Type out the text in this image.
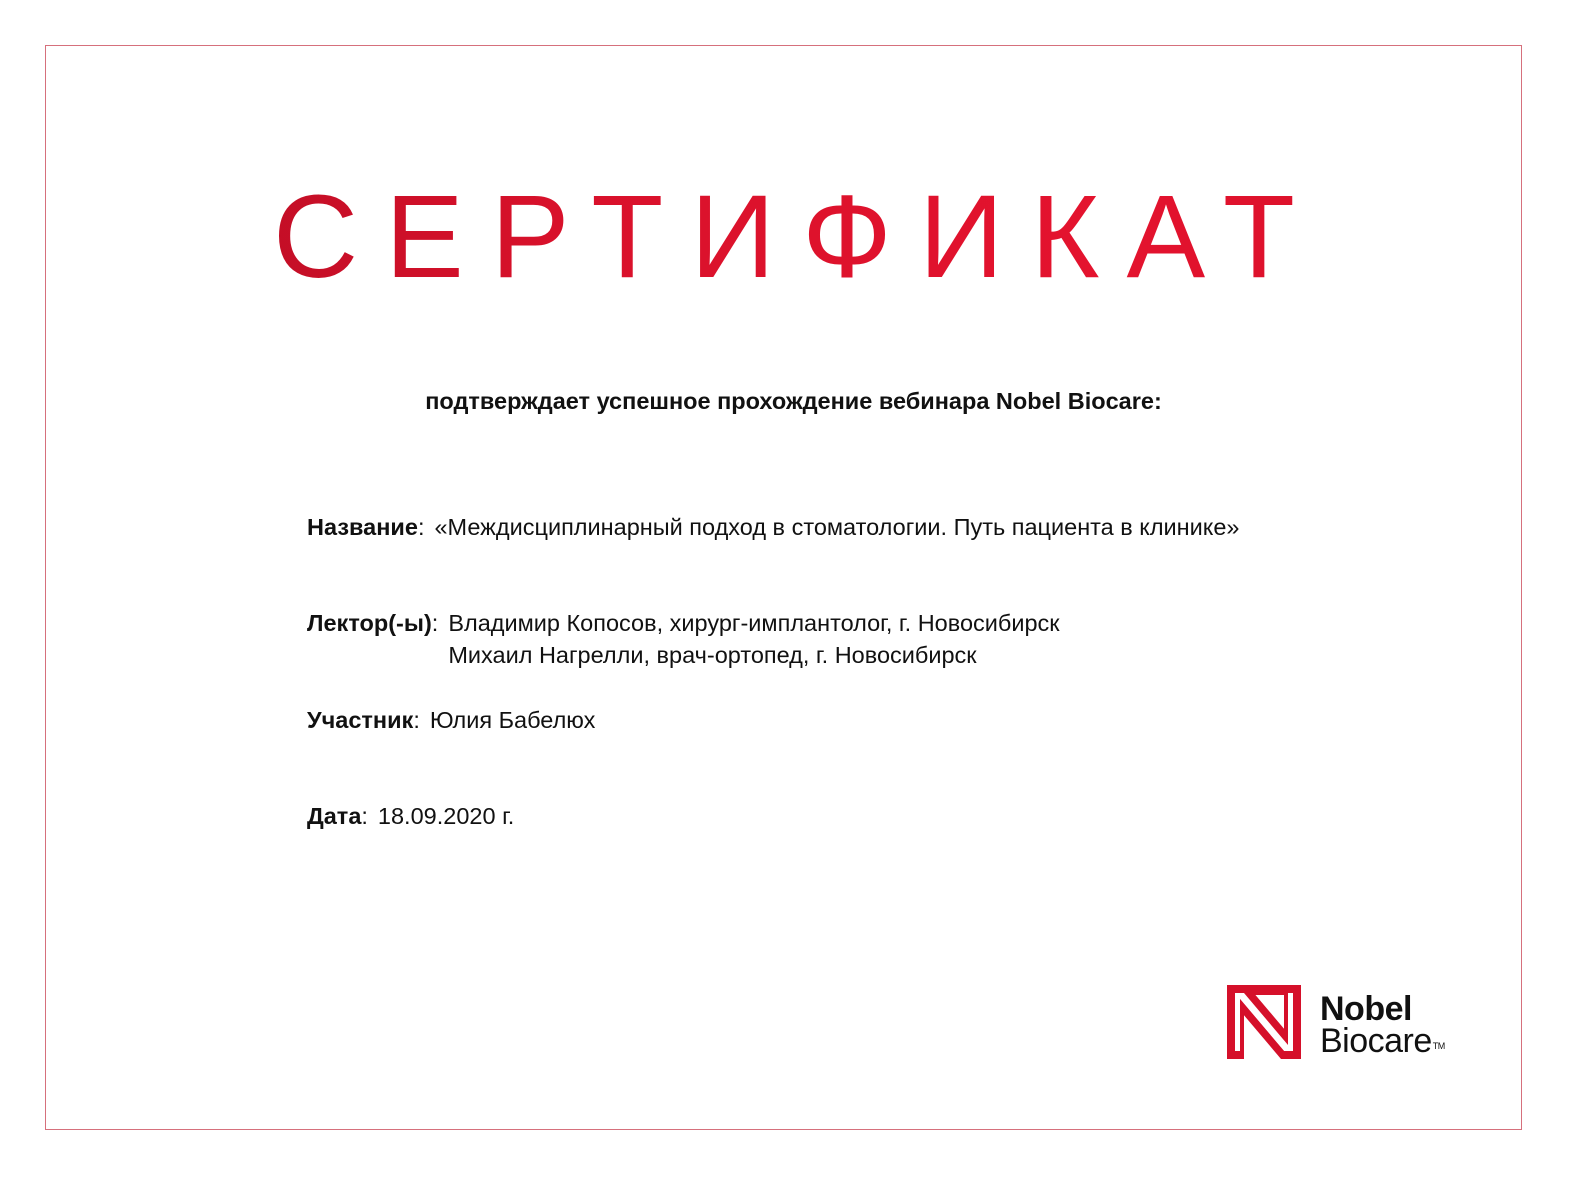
СЕРТИФИКАТ
подтверждает успешное прохождение вебинара Nobel Biocare:
Название : «Междисциплинарный подход в стоматологии. Путь пациента в клинике»
Лектор(-ы) : Владимир Копосов, хирург-имплантолог, г. Новосибирск
Михаил Нагрелли, врач-ортопед, г. Новосибирск
Участник : Юлия Бабелюх
Дата : 18.09.2020 г.
Nobel
Biocare™
